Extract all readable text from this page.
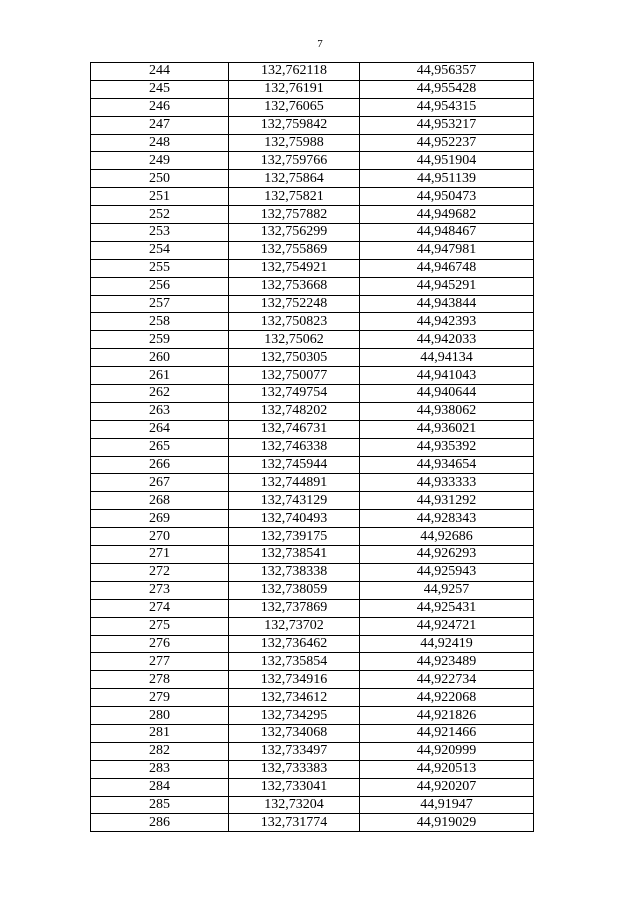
7
244	132,762118	44,956357
245	132,76191	44,955428
246	132,76065	44,954315
247	132,759842	44,953217
248	132,75988	44,952237
249	132,759766	44,951904
250	132,75864	44,951139
251	132,75821	44,950473
252	132,757882	44,949682
253	132,756299	44,948467
254	132,755869	44,947981
255	132,754921	44,946748
256	132,753668	44,945291
257	132,752248	44,943844
258	132,750823	44,942393
259	132,75062	44,942033
260	132,750305	44,94134
261	132,750077	44,941043
262	132,749754	44,940644
263	132,748202	44,938062
264	132,746731	44,936021
265	132,746338	44,935392
266	132,745944	44,934654
267	132,744891	44,933333
268	132,743129	44,931292
269	132,740493	44,928343
270	132,739175	44,92686
271	132,738541	44,926293
272	132,738338	44,925943
273	132,738059	44,9257
274	132,737869	44,925431
275	132,73702	44,924721
276	132,736462	44,92419
277	132,735854	44,923489
278	132,734916	44,922734
279	132,734612	44,922068
280	132,734295	44,921826
281	132,734068	44,921466
282	132,733497	44,920999
283	132,733383	44,920513
284	132,733041	44,920207
285	132,73204	44,91947
286	132,731774	44,919029
